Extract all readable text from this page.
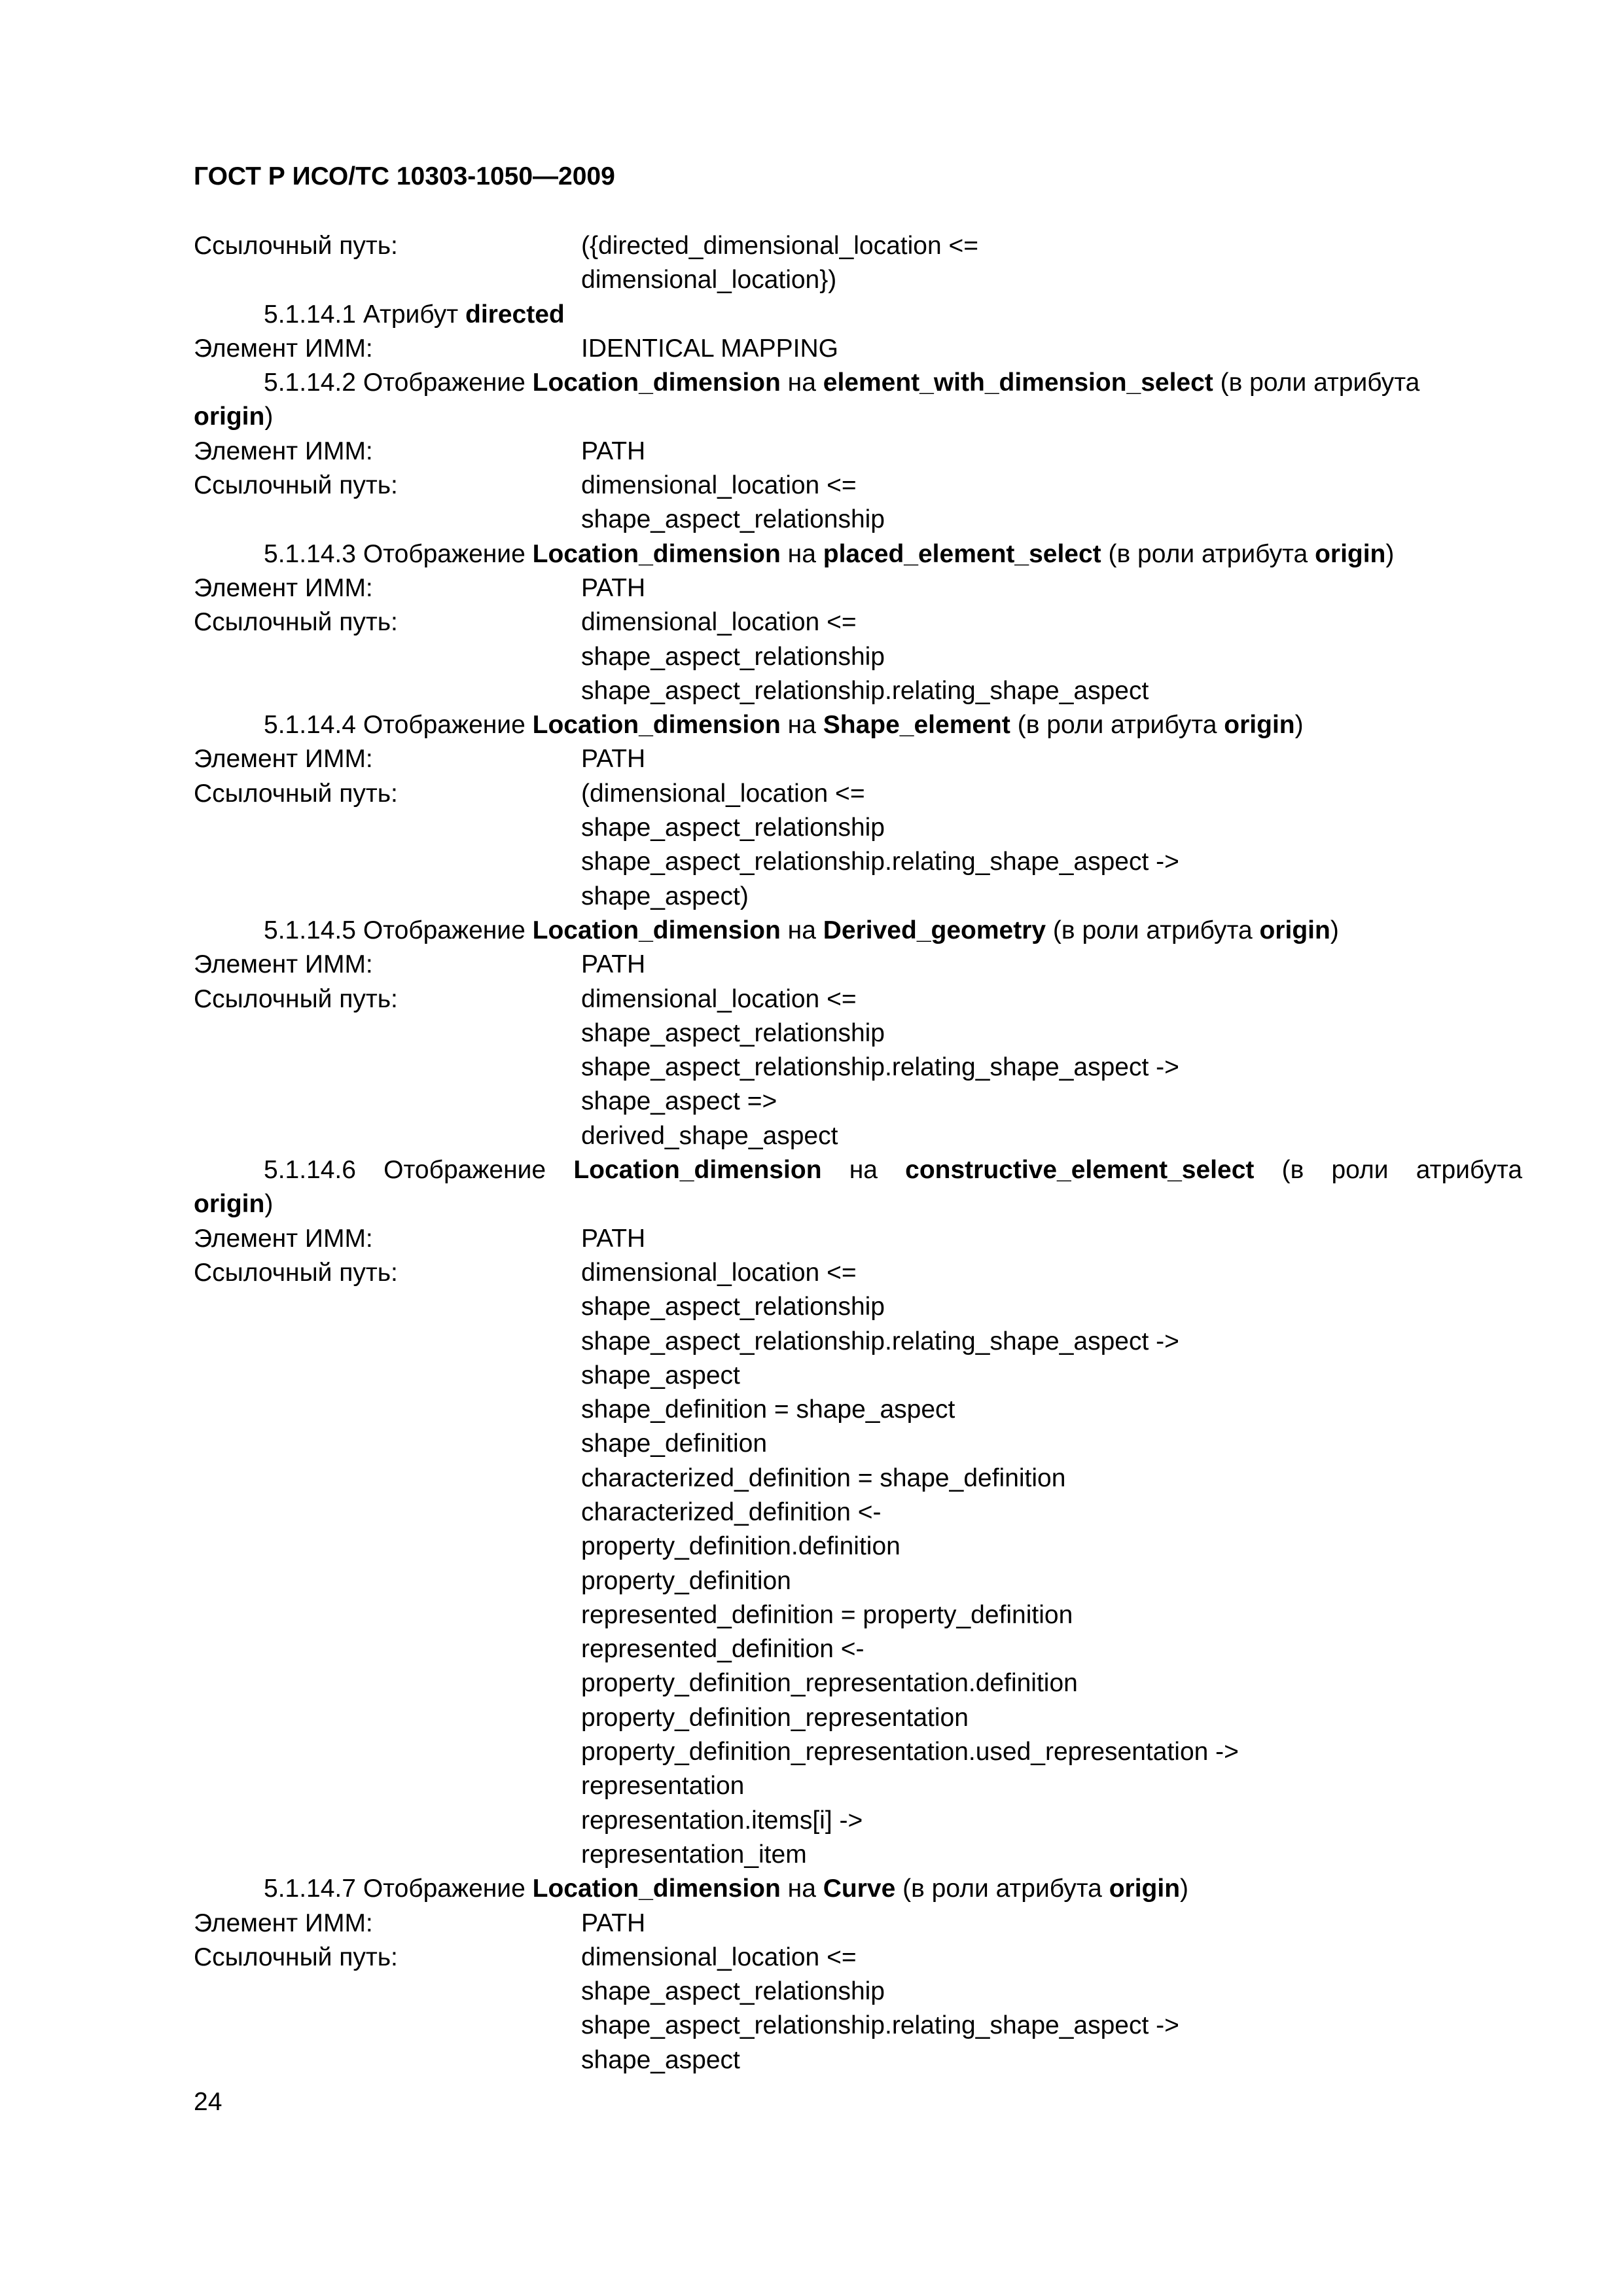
ГОСТ Р ИСО/ТС 10303-1050—2009
Ссылочный путь:	({directed_dimensional_location <=
dimensional_location})
5.1.14.1 Атрибут directed
Элемент ИММ:	IDENTICAL MAPPING
5.1.14.2 Отображение Location_dimension на element_with_dimension_select (в роли атрибута
origin)
Элемент ИММ:	PATH
Ссылочный путь:	dimensional_location <=
shape_aspect_relationship
5.1.14.3 Отображение Location_dimension на placed_element_select (в роли атрибута origin)
Элемент ИММ:	PATH
Ссылочный путь:	dimensional_location <=
shape_aspect_relationship
shape_aspect_relationship.relating_shape_aspect
5.1.14.4 Отображение Location_dimension на Shape_element (в роли атрибута origin)
Элемент ИММ:	PATH
Ссылочный путь:	(dimensional_location <=
shape_aspect_relationship
shape_aspect_relationship.relating_shape_aspect ->
shape_aspect)
5.1.14.5 Отображение Location_dimension на Derived_geometry (в роли атрибута origin)
Элемент ИММ:	PATH
Ссылочный путь:	dimensional_location <=
shape_aspect_relationship
shape_aspect_relationship.relating_shape_aspect ->
shape_aspect =>
derived_shape_aspect
5.1.14.6 Отображение Location_dimension на constructive_element_select (в роли атрибута
origin)
Элемент ИММ:	PATH
Ссылочный путь:	dimensional_location <=
shape_aspect_relationship
shape_aspect_relationship.relating_shape_aspect ->
shape_aspect
shape_definition = shape_aspect
shape_definition
characterized_definition = shape_definition
characterized_definition <-
property_definition.definition
property_definition
represented_definition = property_definition
represented_definition <-
property_definition_representation.definition
property_definition_representation
property_definition_representation.used_representation ->
representation
representation.items[i] ->
representation_item
5.1.14.7 Отображение Location_dimension на Curve (в роли атрибута origin)
Элемент ИММ:	PATH
Ссылочный путь:	dimensional_location <=
shape_aspect_relationship
shape_aspect_relationship.relating_shape_aspect ->
shape_aspect
24
